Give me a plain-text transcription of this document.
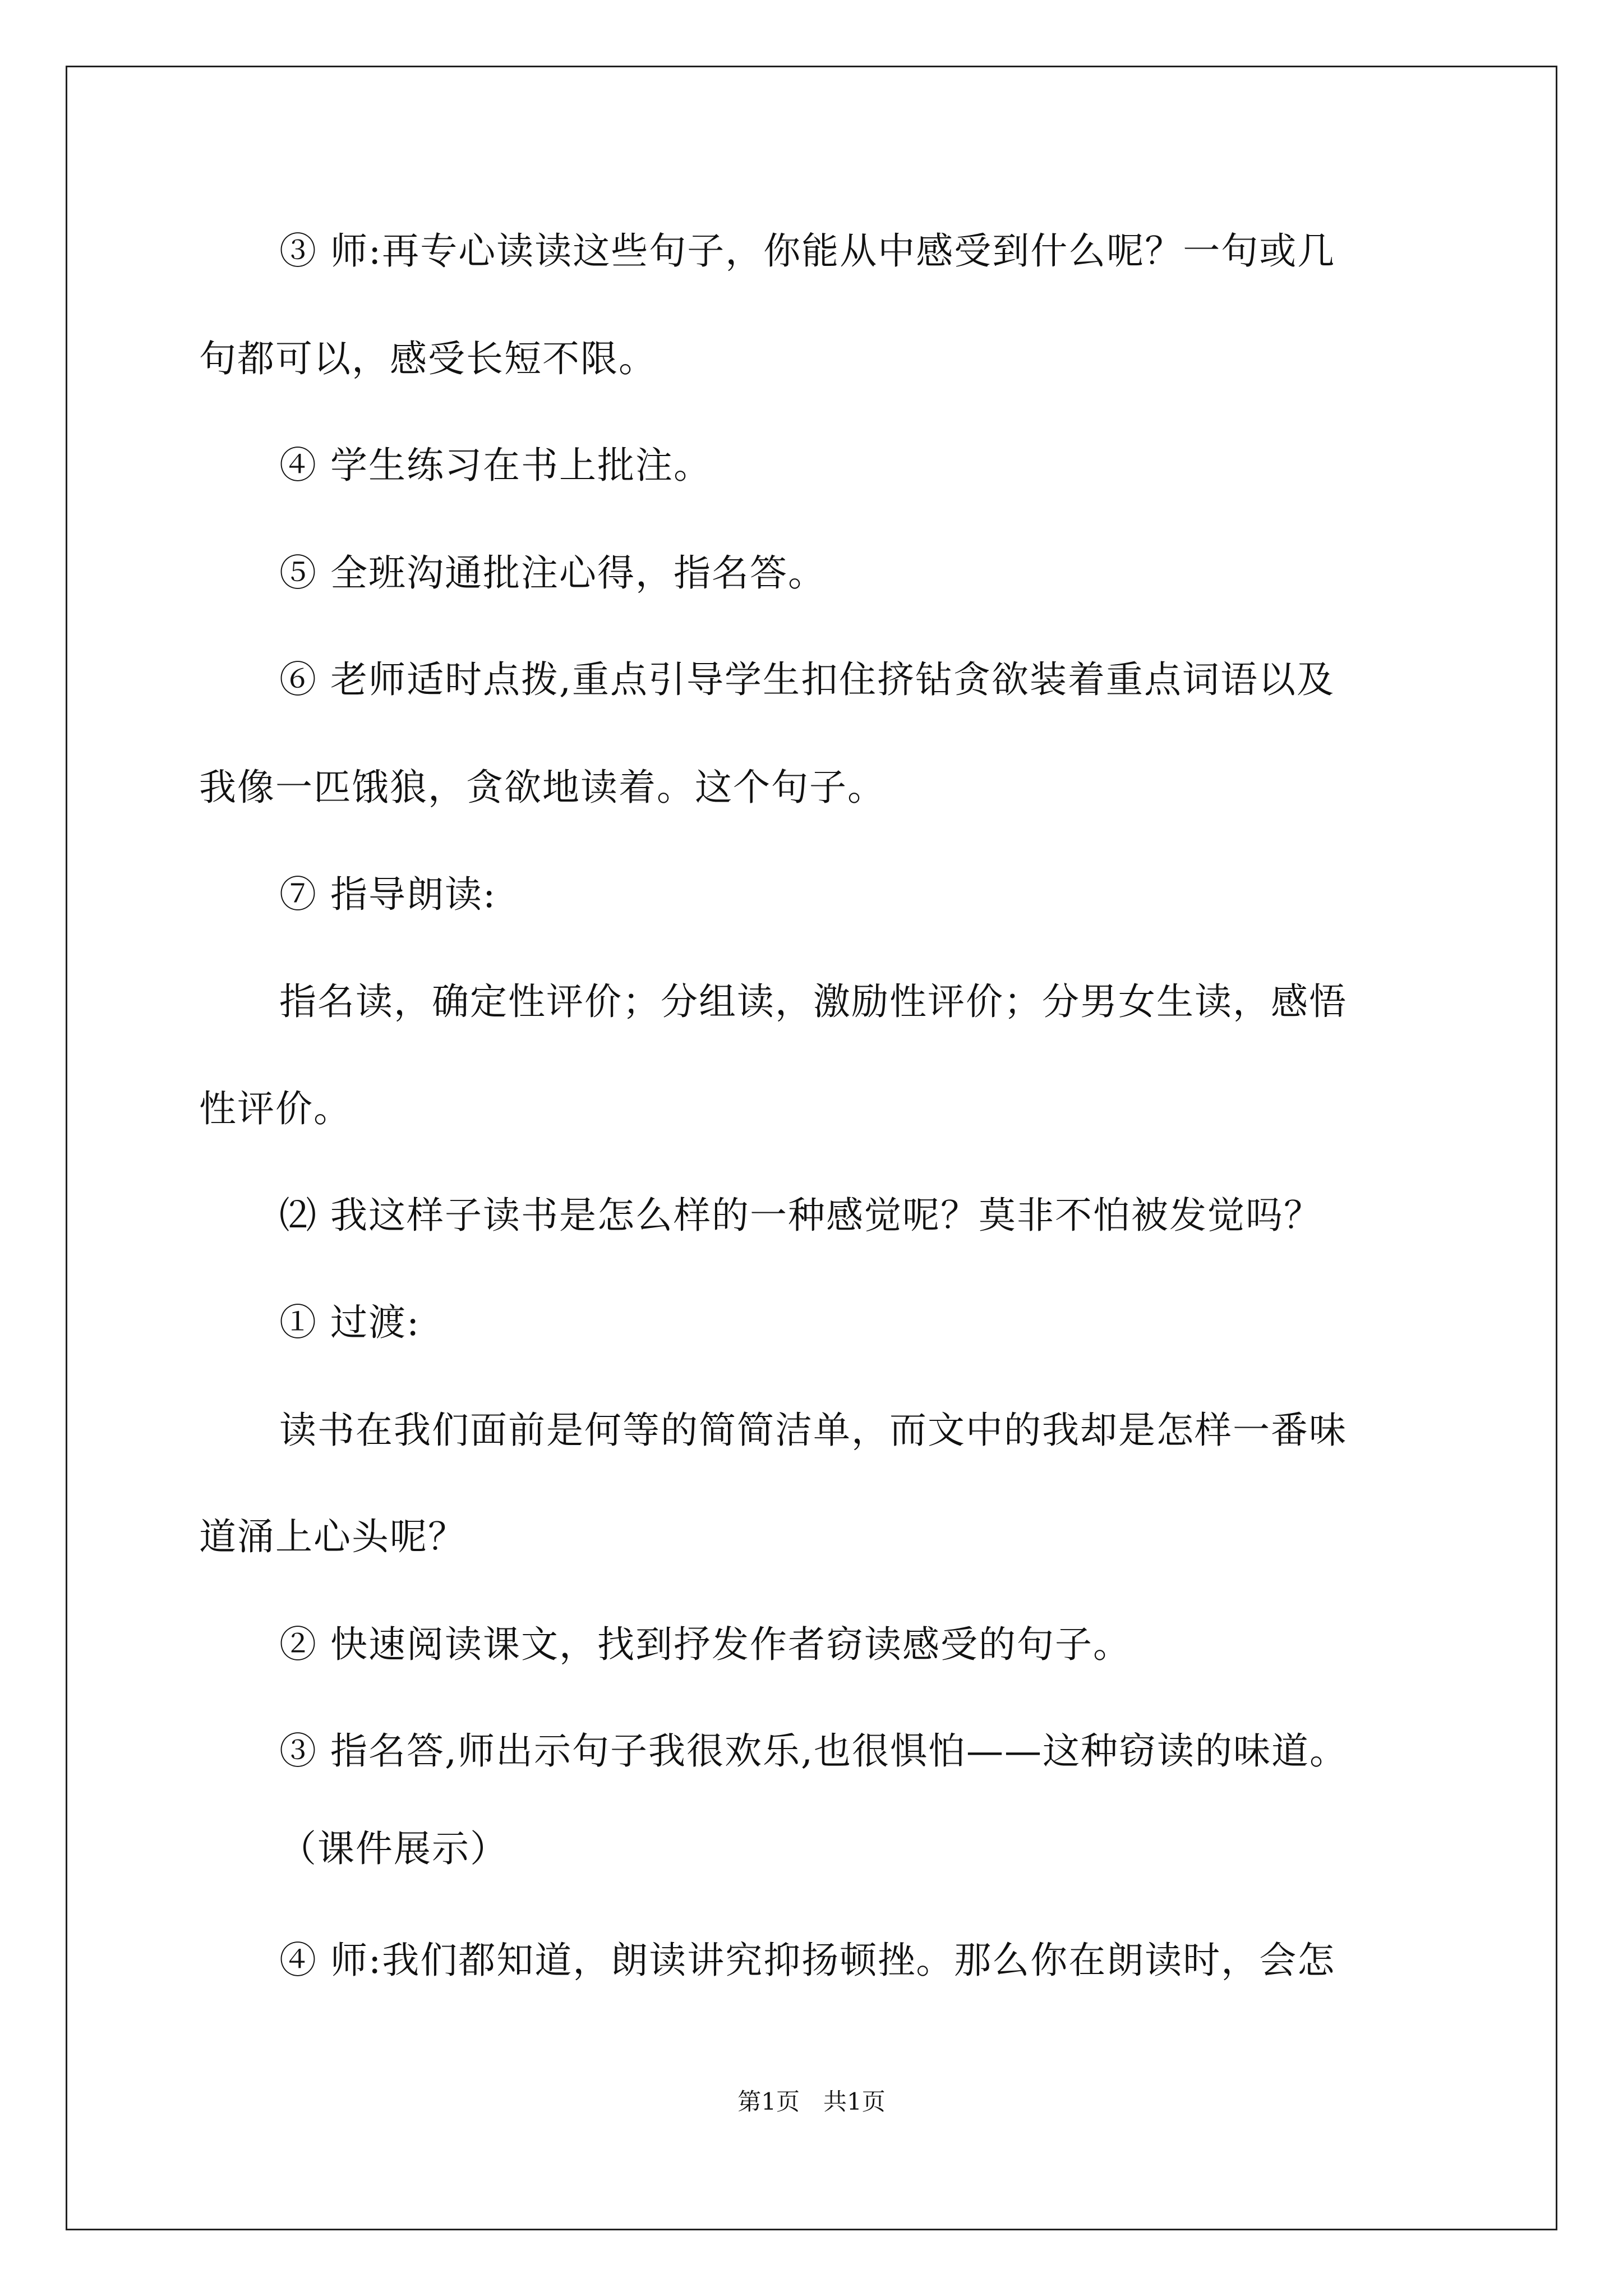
③ 师:再专心读读这些句子，你能从中感受到什么呢？一句或几
句都可以，感受长短不限。
④ 学生练习在书上批注。
⑤ 全班沟通批注心得，指名答。
⑥ 老师适时点拨,重点引导学生扣住挤钻贪欲装着重点词语以及
我像一匹饿狼，贪欲地读着。这个句子。
⑦ 指导朗读:
指名读，确定性评价；分组读，激励性评价；分男女生读，感悟
性评价。
⑵ 我这样子读书是怎么样的一种感觉呢？莫非不怕被发觉吗？
① 过渡:
读书在我们面前是何等的简简洁单，而文中的我却是怎样一番味
道涌上心头呢？
② 快速阅读课文，找到抒发作者窃读感受的句子。
③ 指名答,师出示句子我很欢乐,也很惧怕——这种窃读的味道。
（课件展示）
④ 师:我们都知道，朗读讲究抑扬顿挫。那么你在朗读时，会怎
第1页　共1页
